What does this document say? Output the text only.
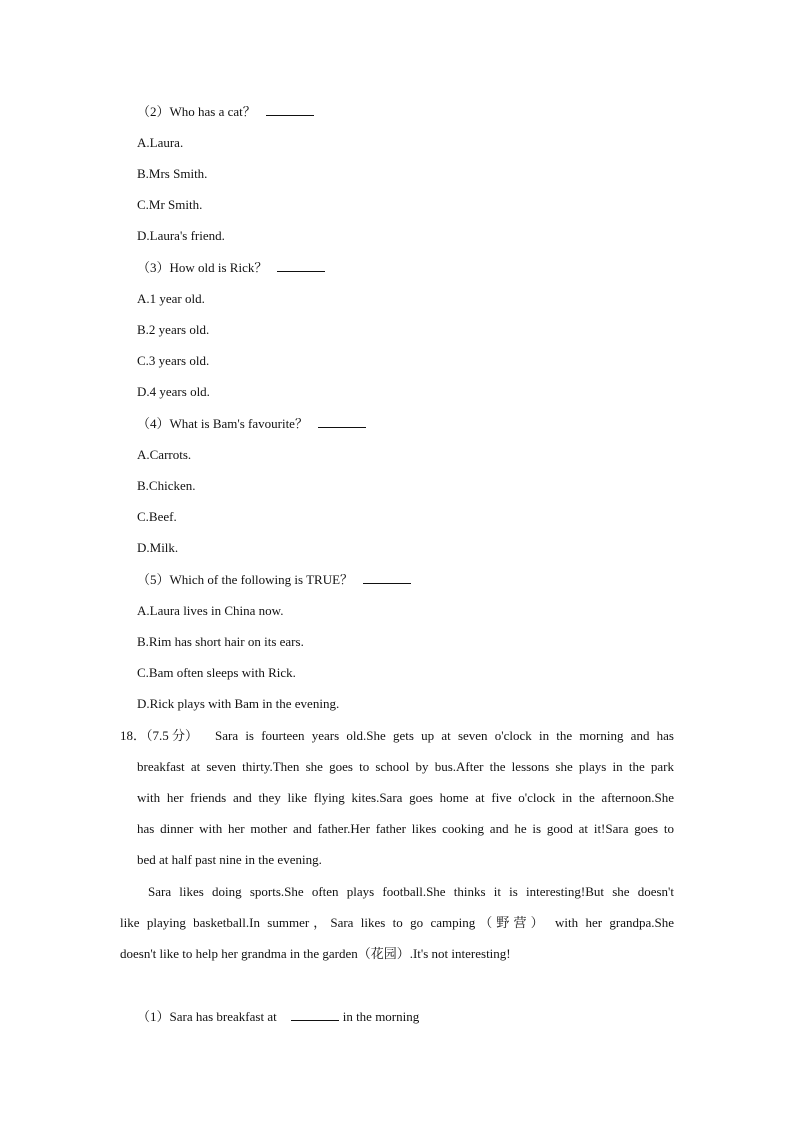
（2）Who has a cat？
A.Laura.
B.Mrs Smith.
C.Mr Smith.
D.Laura's friend.
（3）How old is Rick？
A.1 year old.
B.2 years old.
C.3 years old.
D.4 years old.
（4）What is Bam's favourite？
A.Carrots.
B.Chicken.
C.Beef.
D.Milk.
（5）Which of the following is TRUE？
A.Laura lives in China now.
B.Rim has short hair on its ears.
C.Bam often sleeps with Rick.
D.Rick plays with Bam in the evening.
18．（7.5 分） Sara is fourteen years old.She gets up at seven o'clock in the morning and has
breakfast at seven thirty.Then she goes to school by bus.After the lessons she plays in the park
with her friends and they like flying kites.Sara goes home at five o'clock in the afternoon.She
has dinner with her mother and father.Her father likes cooking and he is good at it!Sara goes to
bed at half past nine in the evening.
Sara likes doing sports.She often plays football.She thinks it is interesting!But she doesn't
like playing basketball.In summer，Sara likes to go camping（野营） with her grandpa.She
doesn't like to help her grandma in the garden（花园）.It's not interesting!
（1）Sara has breakfast at	in the morning
